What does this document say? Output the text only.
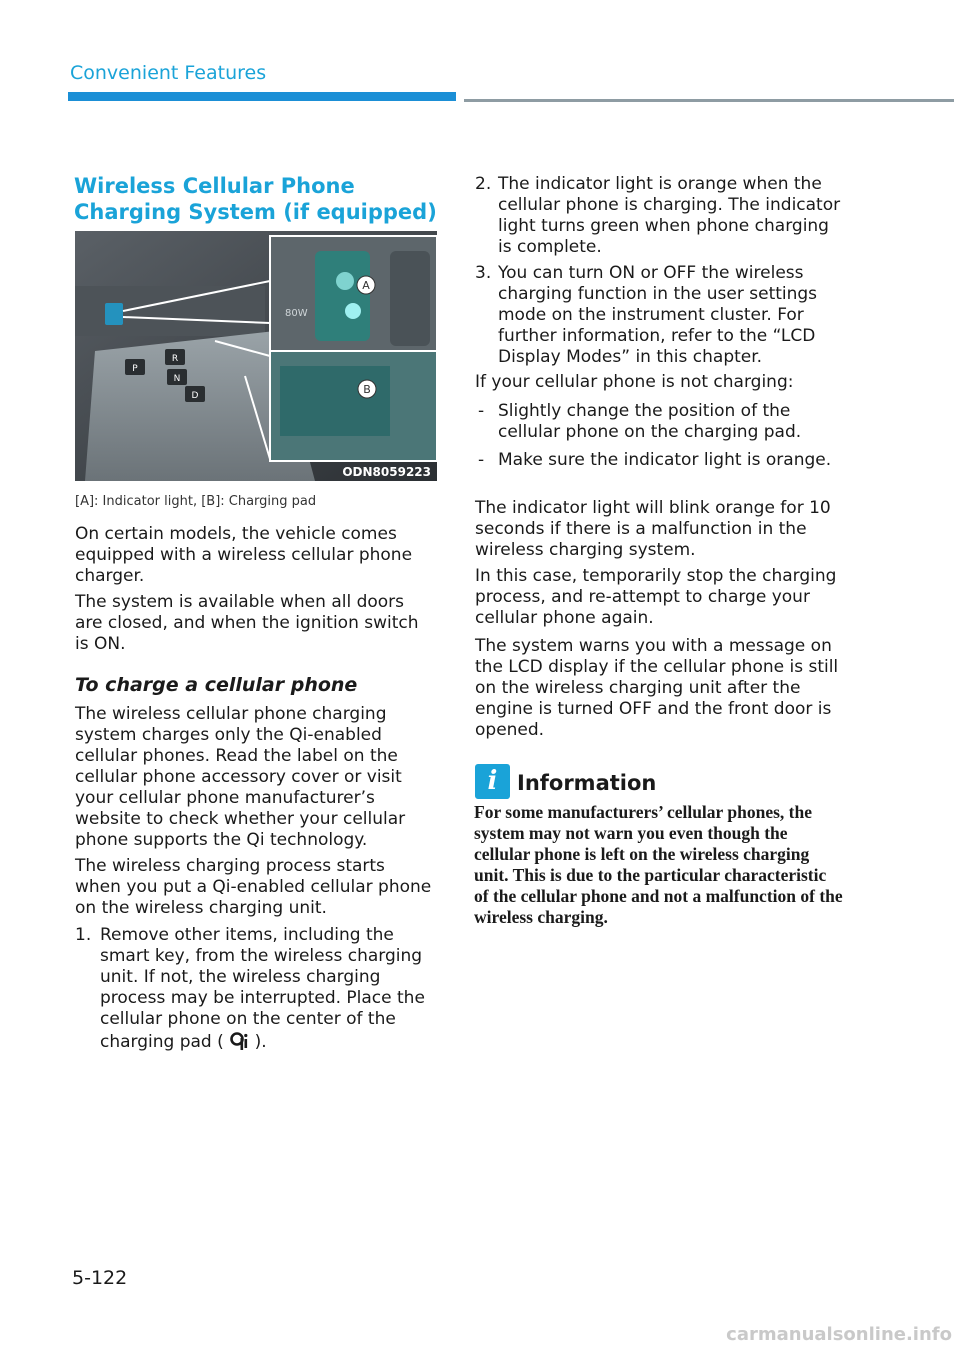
Convenient Features
Wireless Cellular Phone
Charging System (if equipped)
P
R
N
D
80W
A
B
ODN8059223
[A]: Indicator light, [B]: Charging pad

On certain models, the vehicle comes equipped with a wireless cellular phone charger.

The system is available when all doors are closed, and when the ignition switch is ON.

To charge a cellular phone

The wireless cellular phone charging system charges only the Qi-enabled cellular phones. Read the label on the cellular phone accessory cover or visit your cellular phone manufacturer’s website to check whether your cellular phone supports the Qi technology.

The wireless charging process starts when you put a Qi-enabled cellular phone on the wireless charging unit.

1. Remove other items, including the smart key, from the wireless charging unit. If not, the wireless charging process may be interrupted. Place the cellular phone on the center of the charging pad ( ).

2. The indicator light is orange when the cellular phone is charging. The indicator light turns green when phone charging is complete.

3. You can turn ON or OFF the wireless charging function in the user settings mode on the instrument cluster. For further information, refer to the “LCD Display Modes” in this chapter.

If your cellular phone is not charging:

- Slightly change the position of the cellular phone on the charging pad.

- Make sure the indicator light is orange.

The indicator light will blink orange for 10 seconds if there is a malfunction in the wireless charging system.

In this case, temporarily stop the charging process, and re-attempt to charge your cellular phone again.

The system warns you with a message on the LCD display if the cellular phone is still on the wireless charging unit after the engine is turned OFF and the front door is opened.

i Information
For some manufacturers’ cellular phones, the system may not warn you even though the cellular phone is left on the wireless charging unit. This is due to the particular characteristic of the cellular phone and not a malfunction of the wireless charging.
5-122
carmanualsonline.info
